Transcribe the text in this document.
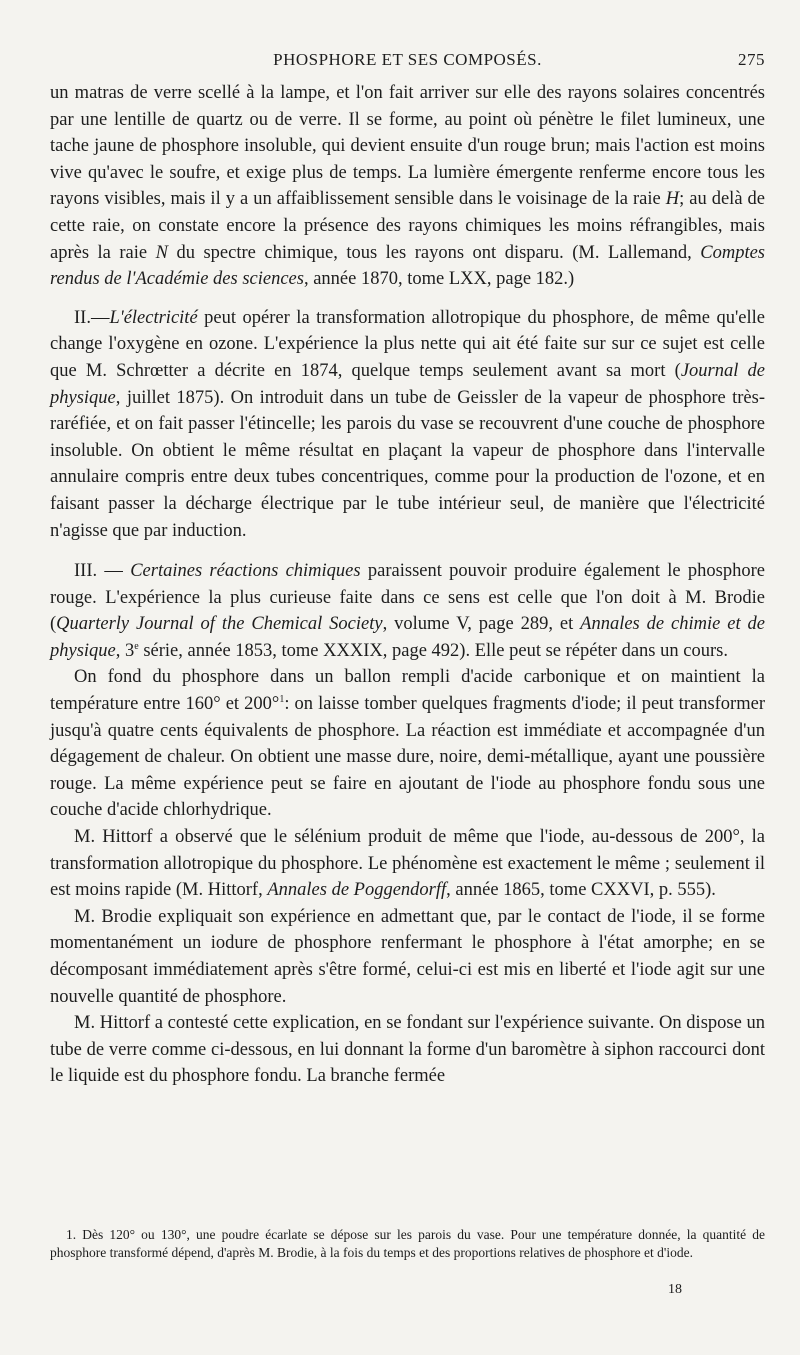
PHOSPHORE ET SES COMPOSÉS.	275

un matras de verre scellé à la lampe, et l'on fait arriver sur elle des rayons solaires concentrés par une lentille de quartz ou de verre. Il se forme, au point où pénètre le filet lumineux, une tache jaune de phosphore insoluble, qui devient ensuite d'un rouge brun; mais l'action est moins vive qu'avec le soufre, et exige plus de temps. La lumière émergente renferme encore tous les rayons visibles, mais il y a un affaiblissement sensible dans le voisinage de la raie H; au delà de cette raie, on constate encore la présence des rayons chimiques les moins réfrangibles, mais après la raie N du spectre chimique, tous les rayons ont disparu. (M. Lallemand, Comptes rendus de l'Académie des sciences, année 1870, tome LXX, page 182.)

II.—L'électricité peut opérer la transformation allotropique du phosphore, de même qu'elle change l'oxygène en ozone. L'expérience la plus nette qui ait été faite sur sur ce sujet est celle que M. Schrœtter a décrite en 1874, quelque temps seulement avant sa mort (Journal de physique, juillet 1875). On introduit dans un tube de Geissler de la vapeur de phosphore très-raréfiée, et on fait passer l'étincelle; les parois du vase se recouvrent d'une couche de phosphore insoluble. On obtient le même résultat en plaçant la vapeur de phosphore dans l'intervalle annulaire compris entre deux tubes concentriques, comme pour la production de l'ozone, et en faisant passer la décharge électrique par le tube intérieur seul, de manière que l'électricité n'agisse que par induction.

III. — Certaines réactions chimiques paraissent pouvoir produire également le phosphore rouge. L'expérience la plus curieuse faite dans ce sens est celle que l'on doit à M. Brodie (Quarterly Journal of the Chemical Society, volume V, page 289, et Annales de chimie et de physique, 3e série, année 1853, tome XXXIX, page 492). Elle peut se répéter dans un cours.

On fond du phosphore dans un ballon rempli d'acide carbonique et on maintient la température entre 160° et 200°$^1$: on laisse tomber quelques fragments d'iode; il peut transformer jusqu'à quatre cents équivalents de phosphore. La réaction est immédiate et accompagnée d'un dégagement de chaleur. On obtient une masse dure, noire, demi-métallique, ayant une poussière rouge. La même expérience peut se faire en ajoutant de l'iode au phosphore fondu sous une couche d'acide chlorhydrique.

M. Hittorf a observé que le sélénium produit de même que l'iode, au-dessous de 200°, la transformation allotropique du phosphore. Le phénomène est exactement le même ; seulement il est moins rapide (M. Hittorf, Annales de Poggendorff, année 1865, tome CXXVI, p. 555).

M. Brodie expliquait son expérience en admettant que, par le contact de l'iode, il se forme momentanément un iodure de phosphore renfermant le phosphore à l'état amorphe; en se décomposant immédiatement après s'être formé, celui-ci est mis en liberté et l'iode agit sur une nouvelle quantité de phosphore.

M. Hittorf a contesté cette explication, en se fondant sur l'expérience suivante. On dispose un tube de verre comme ci-dessous, en lui donnant la forme d'un baromètre à siphon raccourci dont le liquide est du phosphore fondu. La branche fermée

1. Dès 120° ou 130°, une poudre écarlate se dépose sur les parois du vase. Pour une température donnée, la quantité de phosphore transformé dépend, d'après M. Brodie, à la fois du temps et des proportions relatives de phosphore et d'iode.

18
